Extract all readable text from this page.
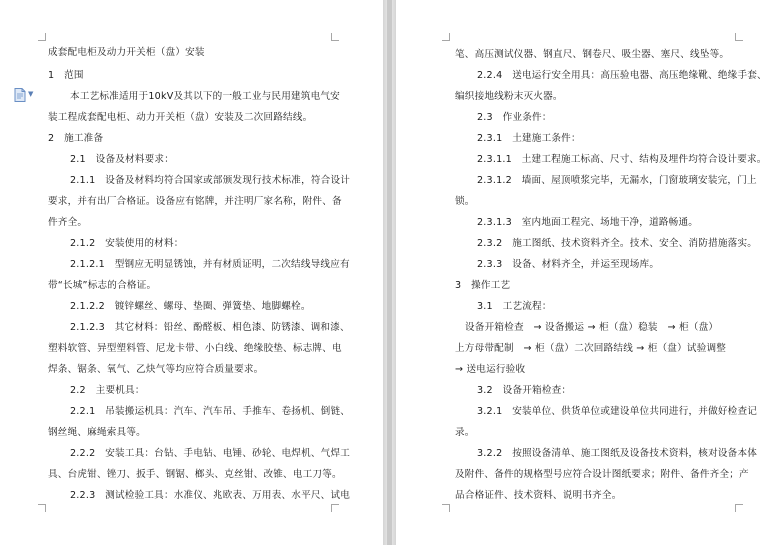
▼
成套配电柜及动力开关柜（盘）安装
1　范围
本工艺标准适用于10kV及其以下的一般工业与民用建筑电气安
装工程成套配电柜、动力开关柜（盘）安装及二次回路结线。
2　施工准备
2.1　设备及材料要求：
2.1.1　设备及材料均符合国家或部颁发现行技术标准，符合设计
要求，并有出厂合格证。设备应有铭牌，并注明厂家名称，附件、备
件齐全。
2.1.2　安装使用的材料：
2.1.2.1　型钢应无明显锈蚀，并有材质证明，二次结线导线应有
带“长城”标志的合格证。
2.1.2.2　镀锌螺丝、螺母、垫圈、弹簧垫、地脚螺栓。
2.1.2.3　其它材料：铅丝、酚醛板、相色漆、防锈漆、调和漆、
塑料软管、异型塑料管、尼龙卡带、小白线、绝缘胶垫、标志牌、电
焊条、锯条、氧气、乙炔气等均应符合质量要求。
2.2　主要机具：
2.2.1　吊装搬运机具：汽车、汽车吊、手推车、卷扬机、倒链、
钢丝绳、麻绳索具等。
2.2.2　安装工具：台钻、手电钻、电锤、砂轮、电焊机、气焊工
具、台虎钳、锉刀、扳手、钢锯、榔头、克丝钳、改锥、电工刀等。
2.2.3　测试检验工具：水准仪、兆欧表、万用表、水平尺、试电
笔、高压测试仪器、钢直尺、钢卷尺、吸尘器、塞尺、线坠等。
2.2.4　送电运行安全用具：高压验电器、高压绝缘靴、绝缘手套、
编织接地线粉末灭火器。
2.3　作业条件：
2.3.1　土建施工条件：
2.3.1.1　土建工程施工标高、尺寸、结构及埋件均符合设计要求。
2.3.1.2　墙面、屋顶喷浆完毕，无漏水，门窗玻璃安装完，门上
锁。
2.3.1.3　室内地面工程完、场地干净，道路畅通。
2.3.2　施工图纸、技术资料齐全。技术、安全、消防措施落实。
2.3.3　设备、材料齐全，并运至现场库。
3　操作工艺
3.1　工艺流程：
设备开箱检查　→ 设备搬运 → 柜（盘）稳装　→ 柜（盘）
上方母带配制　→ 柜（盘）二次回路结线 → 柜（盘）试验调整
→ 送电运行验收
3.2　设备开箱检查：
3.2.1　安装单位、供货单位或建设单位共同进行，并做好检查记
录。
3.2.2　按照设备清单、施工图纸及设备技术资料，核对设备本体
及附件、备件的规格型号应符合设计图纸要求；附件、备件齐全；产
品合格证件、技术资料、说明书齐全。
